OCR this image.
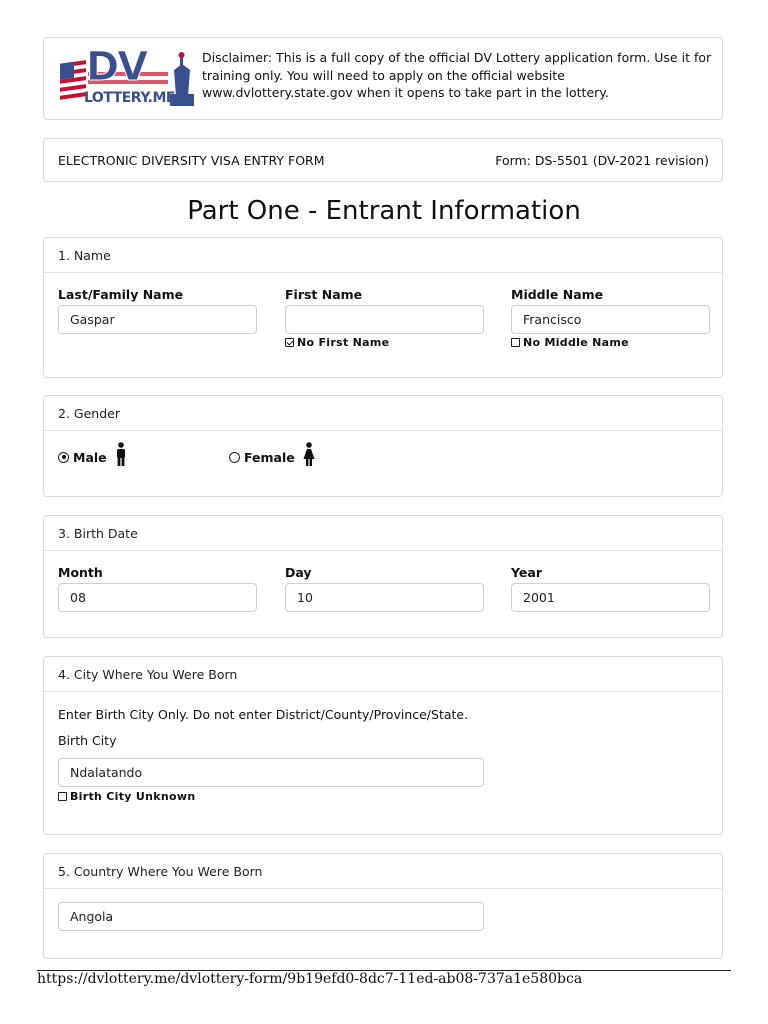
DV
LOTTERY.ME
Disclaimer: This is a full copy of the official DV Lottery application form. Use it for training only. You will need to apply on the official website www.dvlottery.state.gov when it opens to take part in the lottery.
ELECTRONIC DIVERSITY VISA ENTRY FORM	Form: DS-5501 (DV-2021 revision)
Part One - Entrant Information
1. Name
Last/Family Name
Gaspar
First Name
No First Name
Middle Name
Francisco
No Middle Name
2. Gender
Male	Female
3. Birth Date
Month
08
Day
10
Year
2001
4. City Where You Were Born
Enter Birth City Only. Do not enter District/County/Province/State.
Birth City
Ndalatando
Birth City Unknown
5. Country Where You Were Born
Angola
https://dvlottery.me/dvlottery-form/9b19efd0-8dc7-11ed-ab08-737a1e580bca
